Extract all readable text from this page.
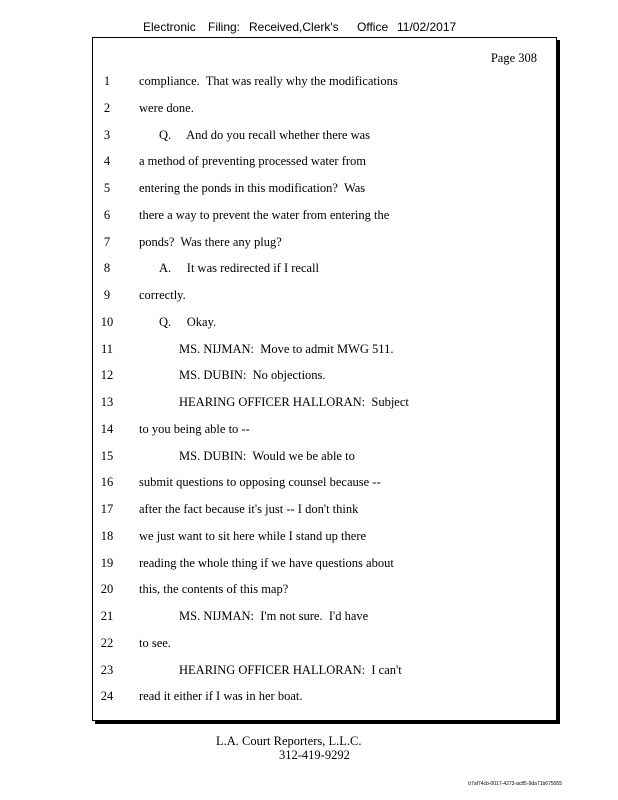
Electronic Filing: Received,Clerk's Office 11/02/2017
Page 308
1	compliance.  That was really why the modifications
2	were done.
3	Q.     And do you recall whether there was
4	a method of preventing processed water from
5	entering the ponds in this modification?  Was
6	there a way to prevent the water from entering the
7	ponds?  Was there any plug?
8	A.     It was redirected if I recall
9	correctly.
10	Q.     Okay.
11	MS. NIJMAN:  Move to admit MWG 511.
12	MS. DUBIN:  No objections.
13	HEARING OFFICER HALLORAN:  Subject
14 to you being able to --
15	MS. DUBIN:  Would we be able to
16 submit questions to opposing counsel because --
17 after the fact because it's just -- I don't think
18 we just want to sit here while I stand up there
19 reading the whole thing if we have questions about
20 this, the contents of this map?
21	MS. NIJMAN:  I'm not sure.  I'd have
22 to see.
23	HEARING OFFICER HALLORAN:  I can't
24 read it either if I was in her boat.
L.A. Court Reporters, L.L.C.
312-419-9292
b7af74cb-0017-4273-ac85-9da71b675055
